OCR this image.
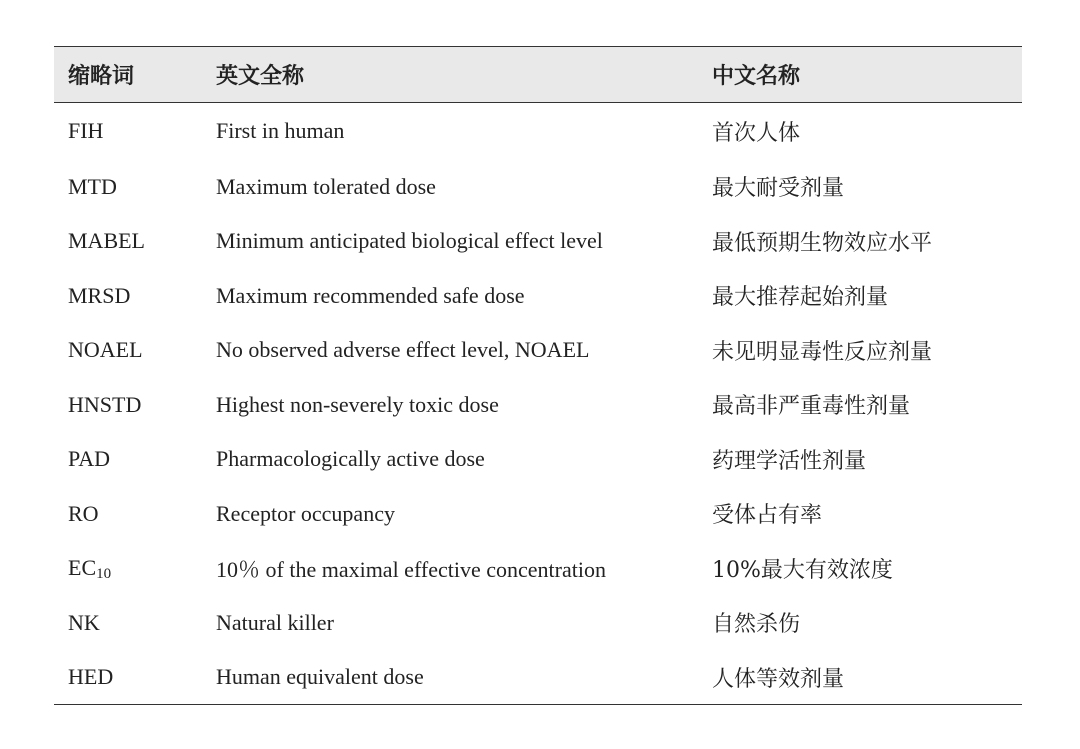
缩略词	英文全称	中文名称
FIH	First in human	首次人体
MTD	Maximum tolerated dose	最大耐受剂量
MABEL	Minimum anticipated biological effect level	最低预期生物效应水平
MRSD	Maximum recommended safe dose	最大推荐起始剂量
NOAEL	No observed adverse effect level, NOAEL	未见明显毒性反应剂量
HNSTD	Highest non-severely toxic dose	最高非严重毒性剂量
PAD	Pharmacologically active dose	药理学活性剂量
RO	Receptor occupancy	受体占有率
$EC_{10}$	10％ of the maximal effective concentration	10%最大有效浓度
NK	Natural killer	自然杀伤
HED	Human equivalent dose	人体等效剂量
